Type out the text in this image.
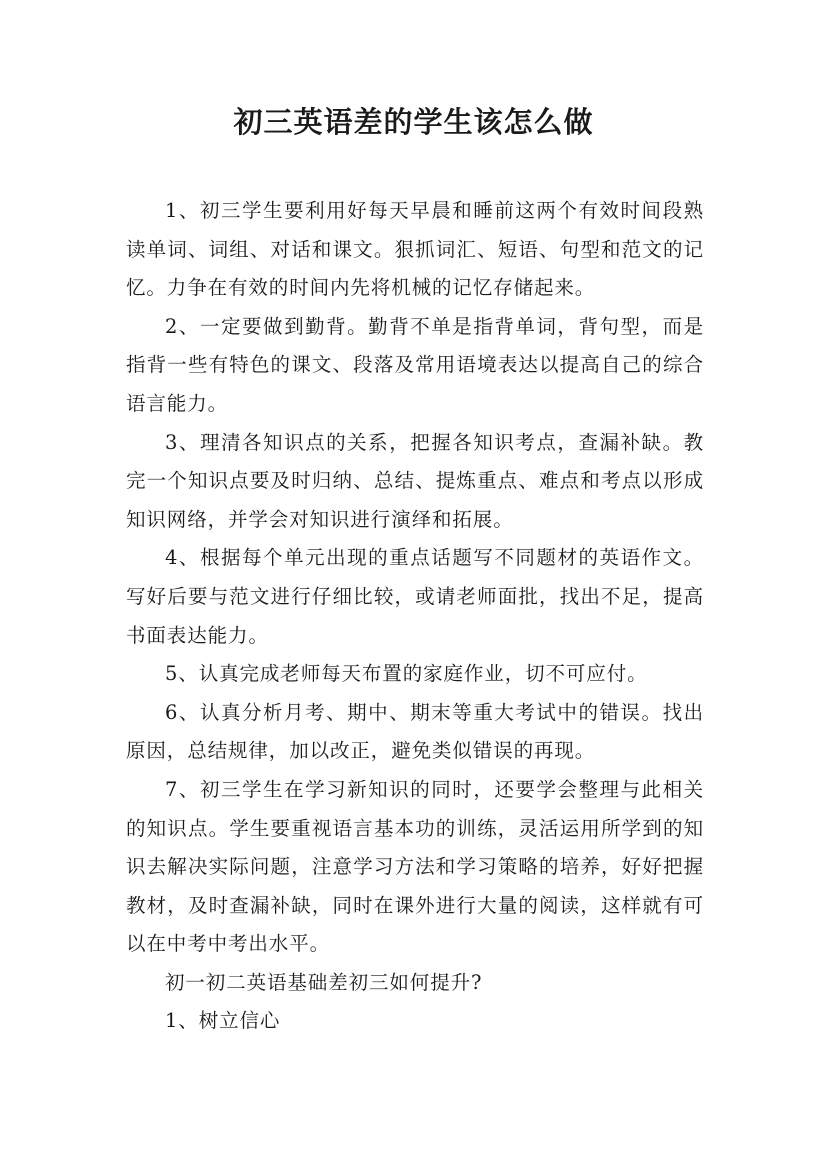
初三英语差的学生该怎么做

1、初三学生要利用好每天早晨和睡前这两个有效时间段熟读单词、词组、对话和课文。狠抓词汇、短语、句型和范文的记忆。力争在有效的时间内先将机械的记忆存储起来。

2、一定要做到勤背。勤背不单是指背单词，背句型，而是指背一些有特色的课文、段落及常用语境表达以提高自己的综合语言能力。

3、理清各知识点的关系，把握各知识考点，查漏补缺。教完一个知识点要及时归纳、总结、提炼重点、难点和考点以形成知识网络，并学会对知识进行演绎和拓展。

4、根据每个单元出现的重点话题写不同题材的英语作文。写好后要与范文进行仔细比较，或请老师面批，找出不足，提高书面表达能力。

5、认真完成老师每天布置的家庭作业，切不可应付。

6、认真分析月考、期中、期末等重大考试中的错误。找出原因，总结规律，加以改正，避免类似错误的再现。

7、初三学生在学习新知识的同时，还要学会整理与此相关的知识点。学生要重视语言基本功的训练，灵活运用所学到的知识去解决实际问题，注意学习方法和学习策略的培养，好好把握教材，及时查漏补缺，同时在课外进行大量的阅读，这样就有可以在中考中考出水平。

初一初二英语基础差初三如何提升?

1、树立信心
